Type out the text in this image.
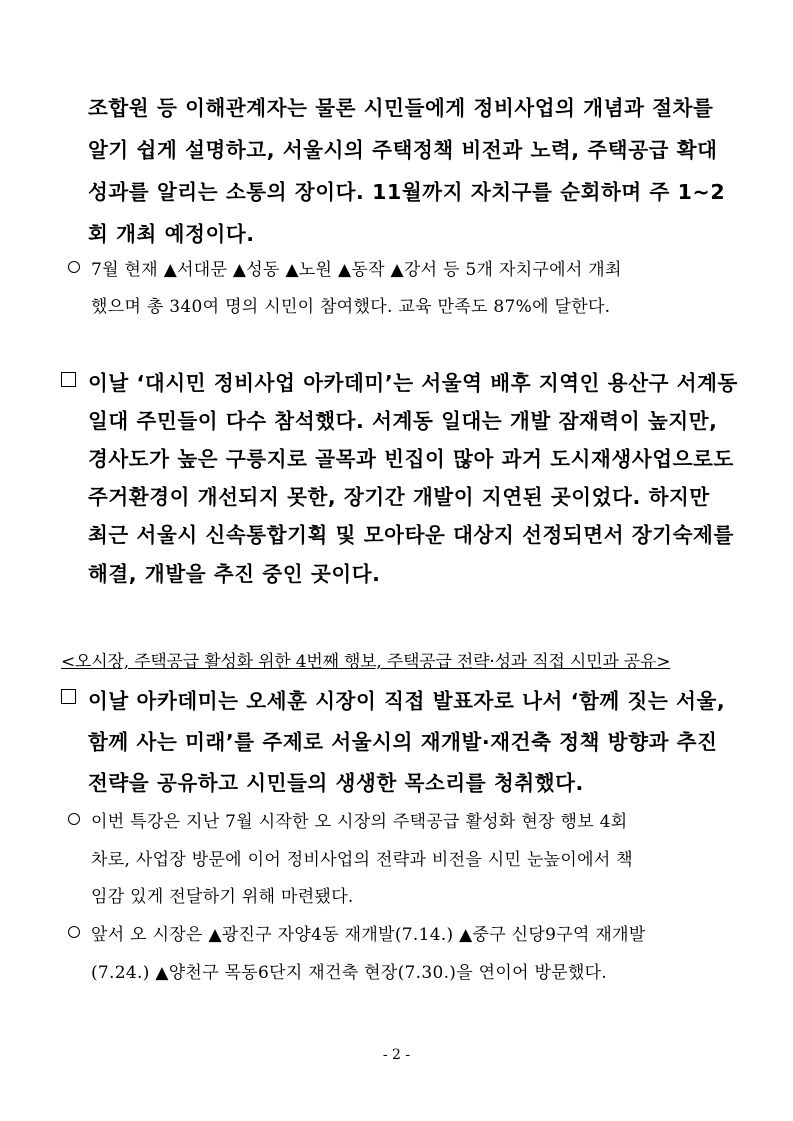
조합원 등 이해관계자는 물론 시민들에게 정비사업의 개념과 절차를
알기 쉽게 설명하고, 서울시의 주택정책 비전과 노력, 주택공급 확대
성과를 알리는 소통의 장이다. 11월까지 자치구를 순회하며 주 1~2
회 개최 예정이다.
7월 현재 ▲서대문 ▲성동 ▲노원 ▲동작 ▲강서 등 5개 자치구에서 개최
했으며 총 340여 명의 시민이 참여했다. 교육 만족도 87%에 달한다.
이날 ‘대시민 정비사업 아카데미’는 서울역 배후 지역인 용산구 서계동
일대 주민들이 다수 참석했다. 서계동 일대는 개발 잠재력이 높지만,
경사도가 높은 구릉지로 골목과 빈집이 많아 과거 도시재생사업으로도
주거환경이 개선되지 못한, 장기간 개발이 지연된 곳이었다. 하지만
최근 서울시 신속통합기획 및 모아타운 대상지 선정되면서 장기숙제를
해결, 개발을 추진 중인 곳이다.
<오시장, 주택공급 활성화 위한 4번째 행보, 주택공급 전략·성과 직접 시민과 공유>
이날 아카데미는 오세훈 시장이 직접 발표자로 나서 ‘함께 짓는 서울,
함께 사는 미래’를 주제로 서울시의 재개발·재건축 정책 방향과 추진
전략을 공유하고 시민들의 생생한 목소리를 청취했다.
이번 특강은 지난 7월 시작한 오 시장의 주택공급 활성화 현장 행보 4회
차로, 사업장 방문에 이어 정비사업의 전략과 비전을 시민 눈높이에서 책
임감 있게 전달하기 위해 마련됐다.
앞서 오 시장은 ▲광진구 자양4동 재개발(7.14.) ▲중구 신당9구역 재개발
(7.24.) ▲양천구 목동6단지 재건축 현장(7.30.)을 연이어 방문했다.
- 2 -
